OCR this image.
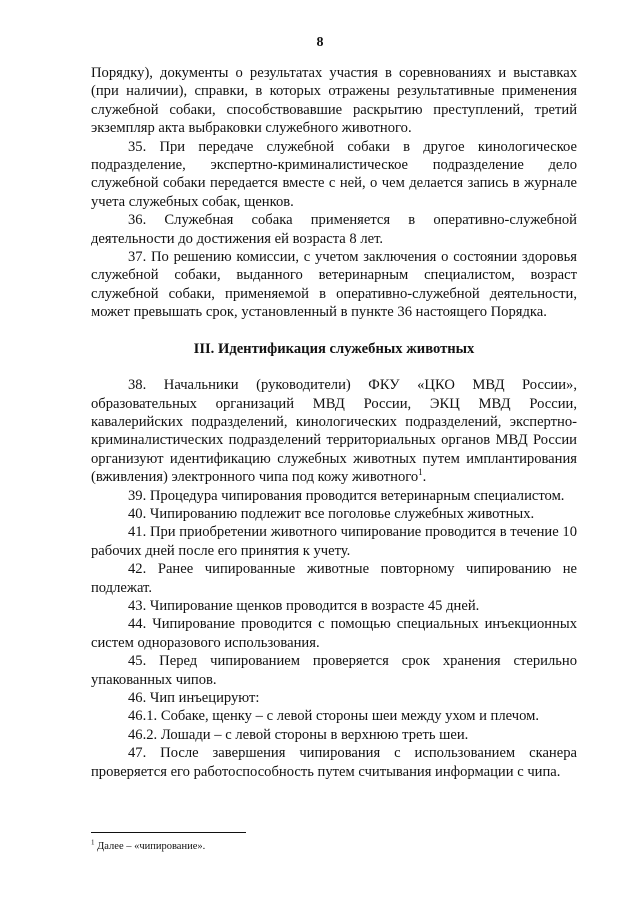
8

Порядку), документы о результатах участия в соревнованиях и выставках (при наличии), справки, в которых отражены результативные применения служебной собаки, способствовавшие раскрытию преступлений, третий экземпляр акта выбраковки служебного животного.

35. При передаче служебной собаки в другое кинологическое подразделение, экспертно-криминалистическое подразделение дело служебной собаки передается вместе с ней, о чем делается запись в журнале учета служебных собак, щенков.

36. Служебная собака применяется в оперативно-служебной деятельности до достижения ей возраста 8 лет.

37. По решению комиссии, с учетом заключения о состоянии здоровья служебной собаки, выданного ветеринарным специалистом, возраст служебной собаки, применяемой в оперативно-служебной деятельности, может превышать срок, установленный в пункте 36 настоящего Порядка.

III. Идентификация служебных животных

38. Начальники (руководители) ФКУ «ЦКО МВД России», образовательных организаций МВД России, ЭКЦ МВД России, кавалерийских подразделений, кинологических подразделений, экспертно-криминалистических подразделений территориальных органов МВД России организуют идентификацию служебных животных путем имплантирования (вживления) электронного чипа под кожу животного$^1$.

39. Процедура чипирования проводится ветеринарным специалистом.

40. Чипированию подлежит все поголовье служебных животных.

41. При приобретении животного чипирование проводится в течение 10 рабочих дней после его принятия к учету.

42. Ранее чипированные животные повторному чипированию не подлежат.

43. Чипирование щенков проводится в возрасте 45 дней.

44. Чипирование проводится с помощью специальных инъекционных систем одноразового использования.

45. Перед чипированием проверяется срок хранения стерильно упакованных чипов.

46. Чип инъецируют:

46.1. Собаке, щенку – с левой стороны шеи между ухом и плечом.

46.2. Лошади – с левой стороны в верхнюю треть шеи.

47. После завершения чипирования с использованием сканера проверяется его работоспособность путем считывания информации с чипа.

$^1$ Далее – «чипирование».
